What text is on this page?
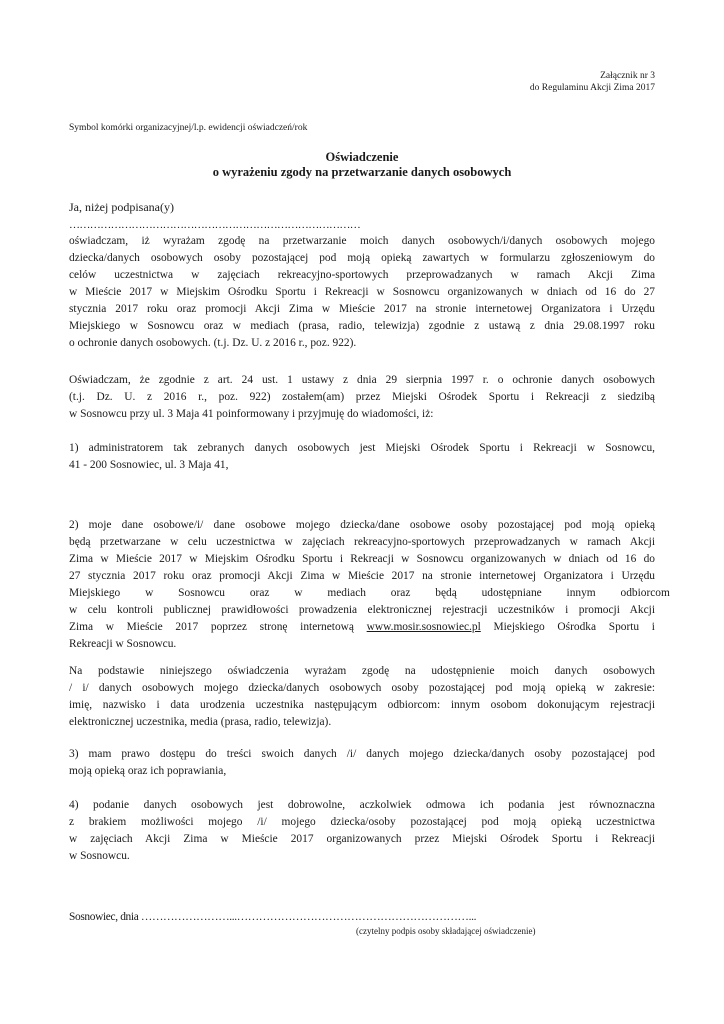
Załącznik nr 3
do Regulaminu Akcji Zima 2017
Symbol komórki organizacyjnej/l.p. ewidencji oświadczeń/rok
Oświadczenie
o wyrażeniu zgody na przetwarzanie danych osobowych
Ja, niżej podpisana(y)
…………………………………………………………………………
oświadczam, iż wyrażam zgodę na przetwarzanie moich danych osobowych/i/danych osobowych mojego
dziecka/danych osobowych osoby pozostającej pod moją opieką zawartych w formularzu zgłoszeniowym do
celów uczestnictwa w zajęciach rekreacyjno-sportowych przeprowadzanych w ramach Akcji Zima
w Mieście 2017 w Miejskim Ośrodku Sportu i Rekreacji w Sosnowcu organizowanych w dniach od 16 do 27
stycznia 2017 roku oraz promocji Akcji Zima w Mieście 2017 na stronie internetowej Organizatora i Urzędu
Miejskiego w Sosnowcu oraz w mediach (prasa, radio, telewizja) zgodnie z ustawą z dnia 29.08.1997 roku
o ochronie danych osobowych. (t.j. Dz. U. z 2016 r., poz. 922).
Oświadczam, że zgodnie z art. 24 ust. 1 ustawy z dnia 29 sierpnia 1997 r. o ochronie danych osobowych
(t.j. Dz. U. z 2016 r., poz. 922) zostałem(am) przez Miejski Ośrodek Sportu i Rekreacji z siedzibą
w Sosnowcu przy ul. 3 Maja 41 poinformowany i przyjmuję do wiadomości, iż:
1) administratorem tak zebranych danych osobowych jest Miejski Ośrodek Sportu i Rekreacji w Sosnowcu,
41 - 200 Sosnowiec, ul. 3 Maja 41,
2) moje dane osobowe/i/ dane osobowe mojego dziecka/dane osobowe osoby pozostającej pod moją opieką
będą przetwarzane w celu uczestnictwa w zajęciach rekreacyjno-sportowych przeprowadzanych w ramach Akcji
Zima w Mieście 2017 w Miejskim Ośrodku Sportu i Rekreacji w Sosnowcu organizowanych w dniach od 16 do
27 stycznia 2017 roku oraz promocji Akcji Zima w Mieście 2017 na stronie internetowej Organizatora i Urzędu
Miejskiego w Sosnowcu oraz w mediach oraz będą udostępniane innym odbiorcom
w celu kontroli publicznej prawidłowości prowadzenia elektronicznej rejestracji uczestników i promocji Akcji
Zima w Mieście 2017 poprzez stronę internetową www.mosir.sosnowiec.pl Miejskiego Ośrodka Sportu i
Rekreacji w Sosnowcu.
Na podstawie niniejszego oświadczenia wyrażam zgodę na udostępnienie moich danych osobowych
/ i/ danych osobowych mojego dziecka/danych osobowych osoby pozostającej pod moją opieką w zakresie:
imię, nazwisko i data urodzenia uczestnika następującym odbiorcom: innym osobom dokonującym rejestracji
elektronicznej uczestnika, media (prasa, radio, telewizja).
3) mam prawo dostępu do treści swoich danych /i/ danych mojego dziecka/danych osoby pozostającej pod
moją opieką oraz ich poprawiania,
4) podanie danych osobowych jest dobrowolne, aczkolwiek odmowa ich podania jest równoznaczna
z brakiem możliwości mojego /i/ mojego dziecka/osoby pozostającej pod moją opieką uczestnictwa
w zajęciach Akcji Zima w Mieście 2017 organizowanych przez Miejski Ośrodek Sportu i Rekreacji
w Sosnowcu.
Sosnowiec, dnia ……………………...………………………………………………………...
(czytelny podpis osoby składającej oświadczenie)
